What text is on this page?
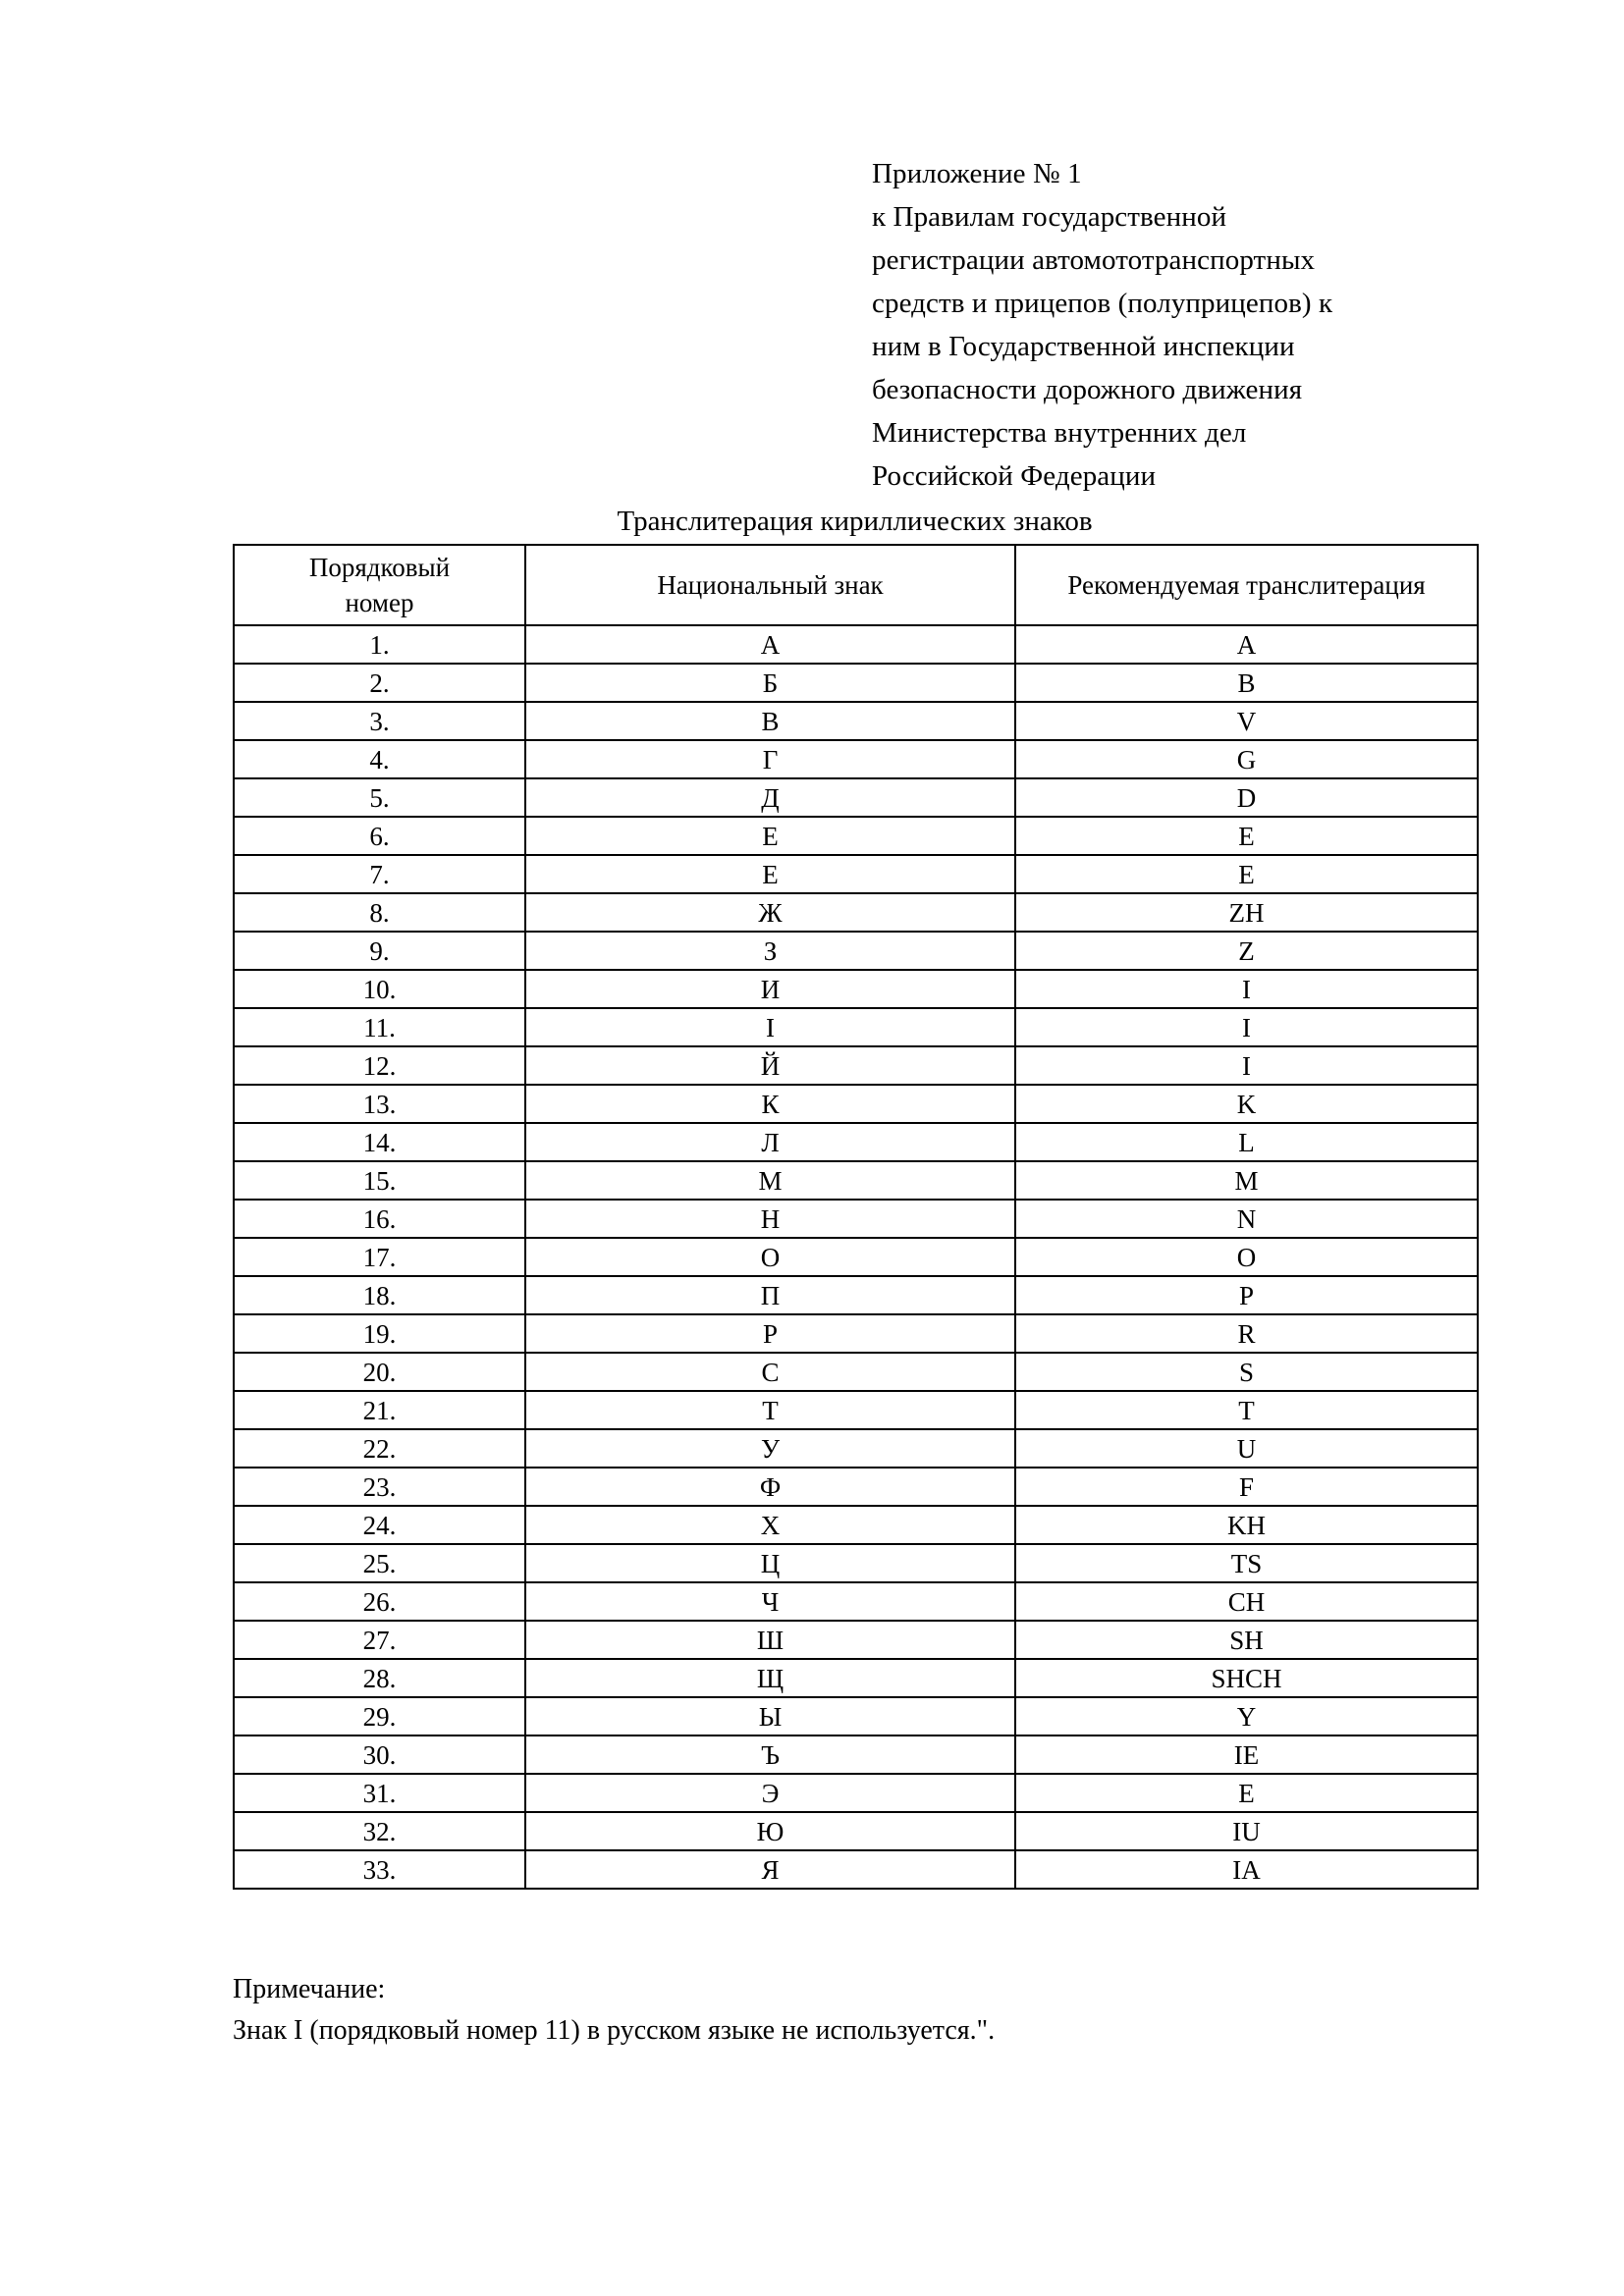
Приложение № 1
к Правилам государственной
регистрации автомототранспортных
средств и прицепов (полуприцепов) к
ним в Государственной инспекции
безопасности дорожного движения
Министерства внутренних дел
Российской Федерации
Транслитерация кириллических знаков
Порядковый
номер	Национальный знак	Рекомендуемая транслитерация
1.	А	A
2.	Б	B
3.	В	V
4.	Г	G
5.	Д	D
6.	Е	E
7.	Е	E
8.	Ж	ZH
9.	З	Z
10.	И	I
11.	І	I
12.	Й	I
13.	К	K
14.	Л	L
15.	М	M
16.	Н	N
17.	О	O
18.	П	P
19.	Р	R
20.	С	S
21.	Т	T
22.	У	U
23.	Ф	F
24.	Х	KH
25.	Ц	TS
26.	Ч	CH
27.	Ш	SH
28.	Щ	SHCH
29.	Ы	Y
30.	Ъ	IE
31.	Э	E
32.	Ю	IU
33.	Я	IA
Примечание:
Знак I (порядковый номер 11) в русском языке не используется.".
